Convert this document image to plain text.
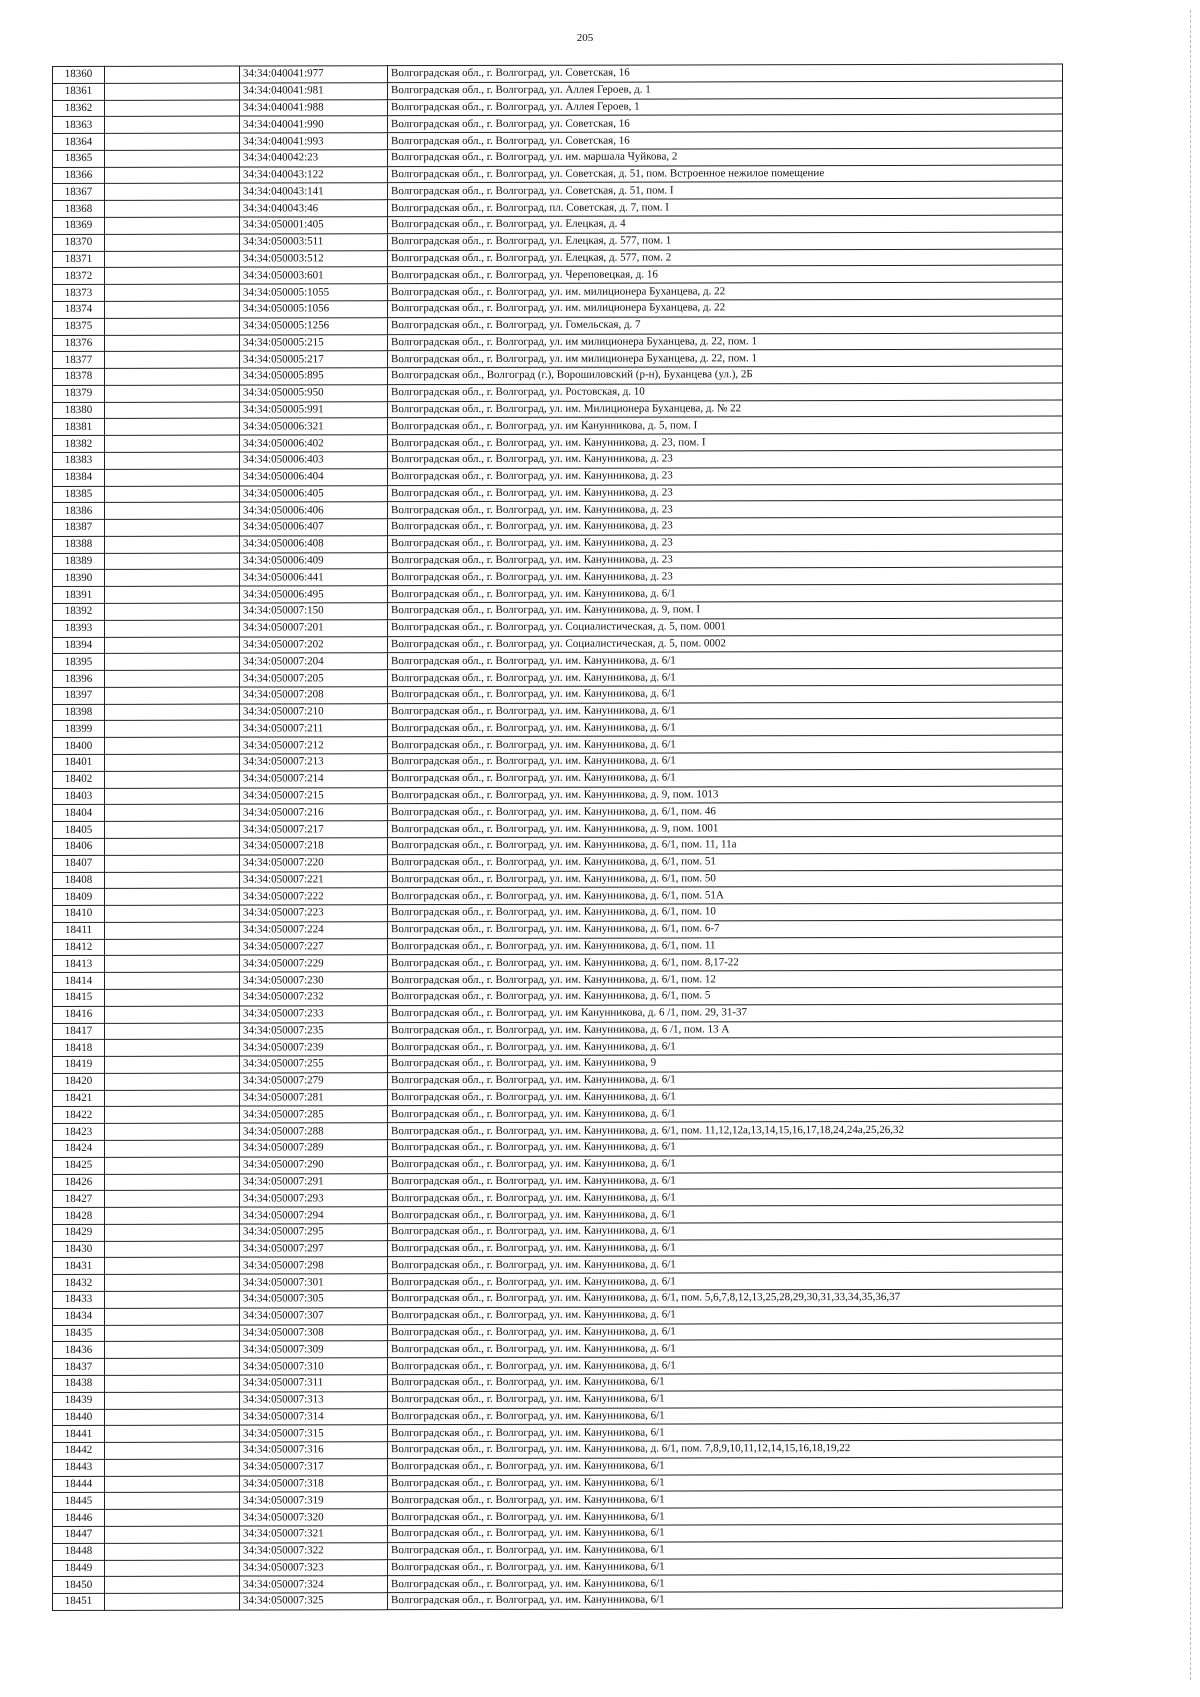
205
18360		34:34:040041:977	Волгоградская обл., г. Волгоград, ул. Советская, 16
18361		34:34:040041:981	Волгоградская обл., г. Волгоград, ул. Аллея Героев, д. 1
18362		34:34:040041:988	Волгоградская обл., г. Волгоград, ул. Аллея Героев, 1
18363		34:34:040041:990	Волгоградская обл., г. Волгоград, ул. Советская, 16
18364		34:34:040041:993	Волгоградская обл., г. Волгоград, ул. Советская, 16
18365		34:34:040042:23	Волгоградская обл., г. Волгоград, ул. им. маршала Чуйкова, 2
18366		34:34:040043:122	Волгоградская обл., г. Волгоград, ул. Советская, д. 51, пом. Встроенное нежилое помещение
18367		34:34:040043:141	Волгоградская обл., г. Волгоград, ул. Советская, д. 51, пом. I
18368		34:34:040043:46	Волгоградская обл., г. Волгоград, пл. Советская, д. 7, пом. I
18369		34:34:050001:405	Волгоградская обл., г. Волгоград, ул. Елецкая, д. 4
18370		34:34:050003:511	Волгоградская обл., г. Волгоград, ул. Елецкая, д. 577, пом. 1
18371		34:34:050003:512	Волгоградская обл., г. Волгоград, ул. Елецкая, д. 577, пом. 2
18372		34:34:050003:601	Волгоградская обл., г. Волгоград, ул. Череповецкая, д. 16
18373		34:34:050005:1055	Волгоградская обл., г. Волгоград, ул. им. милиционера Буханцева, д. 22
18374		34:34:050005:1056	Волгоградская обл., г. Волгоград, ул. им. милиционера Буханцева, д. 22
18375		34:34:050005:1256	Волгоградская обл., г. Волгоград, ул. Гомельская, д. 7
18376		34:34:050005:215	Волгоградская обл., г. Волгоград, ул. им милиционера Буханцева, д. 22, пом. 1
18377		34:34:050005:217	Волгоградская обл., г. Волгоград, ул. им милиционера Буханцева, д. 22, пом. 1
18378		34:34:050005:895	Волгоградская обл., Волгоград (г.), Ворошиловский (р-н), Буханцева (ул.), 2Б
18379		34:34:050005:950	Волгоградская обл., г. Волгоград, ул. Ростовская, д. 10
18380		34:34:050005:991	Волгоградская обл., г. Волгоград, ул. им. Милиционера Буханцева, д. № 22
18381		34:34:050006:321	Волгоградская обл., г. Волгоград, ул. им Канунникова, д. 5, пом. I
18382		34:34:050006:402	Волгоградская обл., г. Волгоград, ул. им. Канунникова, д. 23, пом. I
18383		34:34:050006:403	Волгоградская обл., г. Волгоград, ул. им. Канунникова, д. 23
18384		34:34:050006:404	Волгоградская обл., г. Волгоград, ул. им. Канунникова, д. 23
18385		34:34:050006:405	Волгоградская обл., г. Волгоград, ул. им. Канунникова, д. 23
18386		34:34:050006:406	Волгоградская обл., г. Волгоград, ул. им. Канунникова, д. 23
18387		34:34:050006:407	Волгоградская обл., г. Волгоград, ул. им. Канунникова, д. 23
18388		34:34:050006:408	Волгоградская обл., г. Волгоград, ул. им. Канунникова, д. 23
18389		34:34:050006:409	Волгоградская обл., г. Волгоград, ул. им. Канунникова, д. 23
18390		34:34:050006:441	Волгоградская обл., г. Волгоград, ул. им. Канунникова, д. 23
18391		34:34:050006:495	Волгоградская обл., г. Волгоград, ул. им. Канунникова, д. 6/1
18392		34:34:050007:150	Волгоградская обл., г. Волгоград, ул. им. Канунникова, д. 9, пом. I
18393		34:34:050007:201	Волгоградская обл., г. Волгоград, ул. Социалистическая, д. 5, пом. 0001
18394		34:34:050007:202	Волгоградская обл., г. Волгоград, ул. Социалистическая, д. 5, пом. 0002
18395		34:34:050007:204	Волгоградская обл., г. Волгоград, ул. им. Канунникова, д. 6/1
18396		34:34:050007:205	Волгоградская обл., г. Волгоград, ул. им. Канунникова, д. 6/1
18397		34:34:050007:208	Волгоградская обл., г. Волгоград, ул. им. Канунникова, д. 6/1
18398		34:34:050007:210	Волгоградская обл., г. Волгоград, ул. им. Канунникова, д. 6/1
18399		34:34:050007:211	Волгоградская обл., г. Волгоград, ул. им. Канунникова, д. 6/1
18400		34:34:050007:212	Волгоградская обл., г. Волгоград, ул. им. Канунникова, д. 6/1
18401		34:34:050007:213	Волгоградская обл., г. Волгоград, ул. им. Канунникова, д. 6/1
18402		34:34:050007:214	Волгоградская обл., г. Волгоград, ул. им. Канунникова, д. 6/1
18403		34:34:050007:215	Волгоградская обл., г. Волгоград, ул. им. Канунникова, д. 9, пом. 1013
18404		34:34:050007:216	Волгоградская обл., г. Волгоград, ул. им. Канунникова, д. 6/1, пом. 46
18405		34:34:050007:217	Волгоградская обл., г. Волгоград, ул. им. Канунникова, д. 9, пом. 1001
18406		34:34:050007:218	Волгоградская обл., г. Волгоград, ул. им. Канунникова, д. 6/1, пом. 11, 11а
18407		34:34:050007:220	Волгоградская обл., г. Волгоград, ул. им. Канунникова, д. 6/1, пом. 51
18408		34:34:050007:221	Волгоградская обл., г. Волгоград, ул. им. Канунникова, д. 6/1, пом. 50
18409		34:34:050007:222	Волгоградская обл., г. Волгоград, ул. им. Канунникова, д. 6/1, пом. 51А
18410		34:34:050007:223	Волгоградская обл., г. Волгоград, ул. им. Канунникова, д. 6/1, пом. 10
18411		34:34:050007:224	Волгоградская обл., г. Волгоград, ул. им. Канунникова, д. 6/1, пом. 6-7
18412		34:34:050007:227	Волгоградская обл., г. Волгоград, ул. им. Канунникова, д. 6/1, пом. 11
18413		34:34:050007:229	Волгоградская обл., г. Волгоград, ул. им. Канунникова, д. 6/1, пом. 8,17-22
18414		34:34:050007:230	Волгоградская обл., г. Волгоград, ул. им. Канунникова, д. 6/1, пом. 12
18415		34:34:050007:232	Волгоградская обл., г. Волгоград, ул. им. Канунникова, д. 6/1, пом. 5
18416		34:34:050007:233	Волгоградская обл., г. Волгоград, ул. им Канунникова, д. 6 /1, пом. 29, 31-37
18417		34:34:050007:235	Волгоградская обл., г. Волгоград, ул. им. Канунникова, д. 6 /1, пом. 13 А
18418		34:34:050007:239	Волгоградская обл., г. Волгоград, ул. им. Канунникова, д. 6/1
18419		34:34:050007:255	Волгоградская обл., г. Волгоград, ул. им. Канунникова, 9
18420		34:34:050007:279	Волгоградская обл., г. Волгоград, ул. им. Канунникова, д. 6/1
18421		34:34:050007:281	Волгоградская обл., г. Волгоград, ул. им. Канунникова, д. 6/1
18422		34:34:050007:285	Волгоградская обл., г. Волгоград, ул. им. Канунникова, д. 6/1
18423		34:34:050007:288	Волгоградская обл., г. Волгоград, ул. им. Канунникова, д. 6/1, пом. 11,12,12а,13,14,15,16,17,18,24,24а,25,26,32
18424		34:34:050007:289	Волгоградская обл., г. Волгоград, ул. им. Канунникова, д. 6/1
18425		34:34:050007:290	Волгоградская обл., г. Волгоград, ул. им. Канунникова, д. 6/1
18426		34:34:050007:291	Волгоградская обл., г. Волгоград, ул. им. Канунникова, д. 6/1
18427		34:34:050007:293	Волгоградская обл., г. Волгоград, ул. им. Канунникова, д. 6/1
18428		34:34:050007:294	Волгоградская обл., г. Волгоград, ул. им. Канунникова, д. 6/1
18429		34:34:050007:295	Волгоградская обл., г. Волгоград, ул. им. Канунникова, д. 6/1
18430		34:34:050007:297	Волгоградская обл., г. Волгоград, ул. им. Канунникова, д. 6/1
18431		34:34:050007:298	Волгоградская обл., г. Волгоград, ул. им. Канунникова, д. 6/1
18432		34:34:050007:301	Волгоградская обл., г. Волгоград, ул. им. Канунникова, д. 6/1
18433		34:34:050007:305	Волгоградская обл., г. Волгоград, ул. им. Канунникова, д. 6/1, пом. 5,6,7,8,12,13,25,28,29,30,31,33,34,35,36,37
18434		34:34:050007:307	Волгоградская обл., г. Волгоград, ул. им. Канунникова, д. 6/1
18435		34:34:050007:308	Волгоградская обл., г. Волгоград, ул. им. Канунникова, д. 6/1
18436		34:34:050007:309	Волгоградская обл., г. Волгоград, ул. им. Канунникова, д. 6/1
18437		34:34:050007:310	Волгоградская обл., г. Волгоград, ул. им. Канунникова, д. 6/1
18438		34:34:050007:311	Волгоградская обл., г. Волгоград, ул. им. Канунникова, 6/1
18439		34:34:050007:313	Волгоградская обл., г. Волгоград, ул. им. Канунникова, 6/1
18440		34:34:050007:314	Волгоградская обл., г. Волгоград, ул. им. Канунникова, 6/1
18441		34:34:050007:315	Волгоградская обл., г. Волгоград, ул. им. Канунникова, 6/1
18442		34:34:050007:316	Волгоградская обл., г. Волгоград, ул. им. Канунникова, д. 6/1, пом. 7,8,9,10,11,12,14,15,16,18,19,22
18443		34:34:050007:317	Волгоградская обл., г. Волгоград, ул. им. Канунникова, 6/1
18444		34:34:050007:318	Волгоградская обл., г. Волгоград, ул. им. Канунникова, 6/1
18445		34:34:050007:319	Волгоградская обл., г. Волгоград, ул. им. Канунникова, 6/1
18446		34:34:050007:320	Волгоградская обл., г. Волгоград, ул. им. Канунникова, 6/1
18447		34:34:050007:321	Волгоградская обл., г. Волгоград, ул. им. Канунникова, 6/1
18448		34:34:050007:322	Волгоградская обл., г. Волгоград, ул. им. Канунникова, 6/1
18449		34:34:050007:323	Волгоградская обл., г. Волгоград, ул. им. Канунникова, 6/1
18450		34:34:050007:324	Волгоградская обл., г. Волгоград, ул. им. Канунникова, 6/1
18451		34:34:050007:325	Волгоградская обл., г. Волгоград, ул. им. Канунникова, 6/1
